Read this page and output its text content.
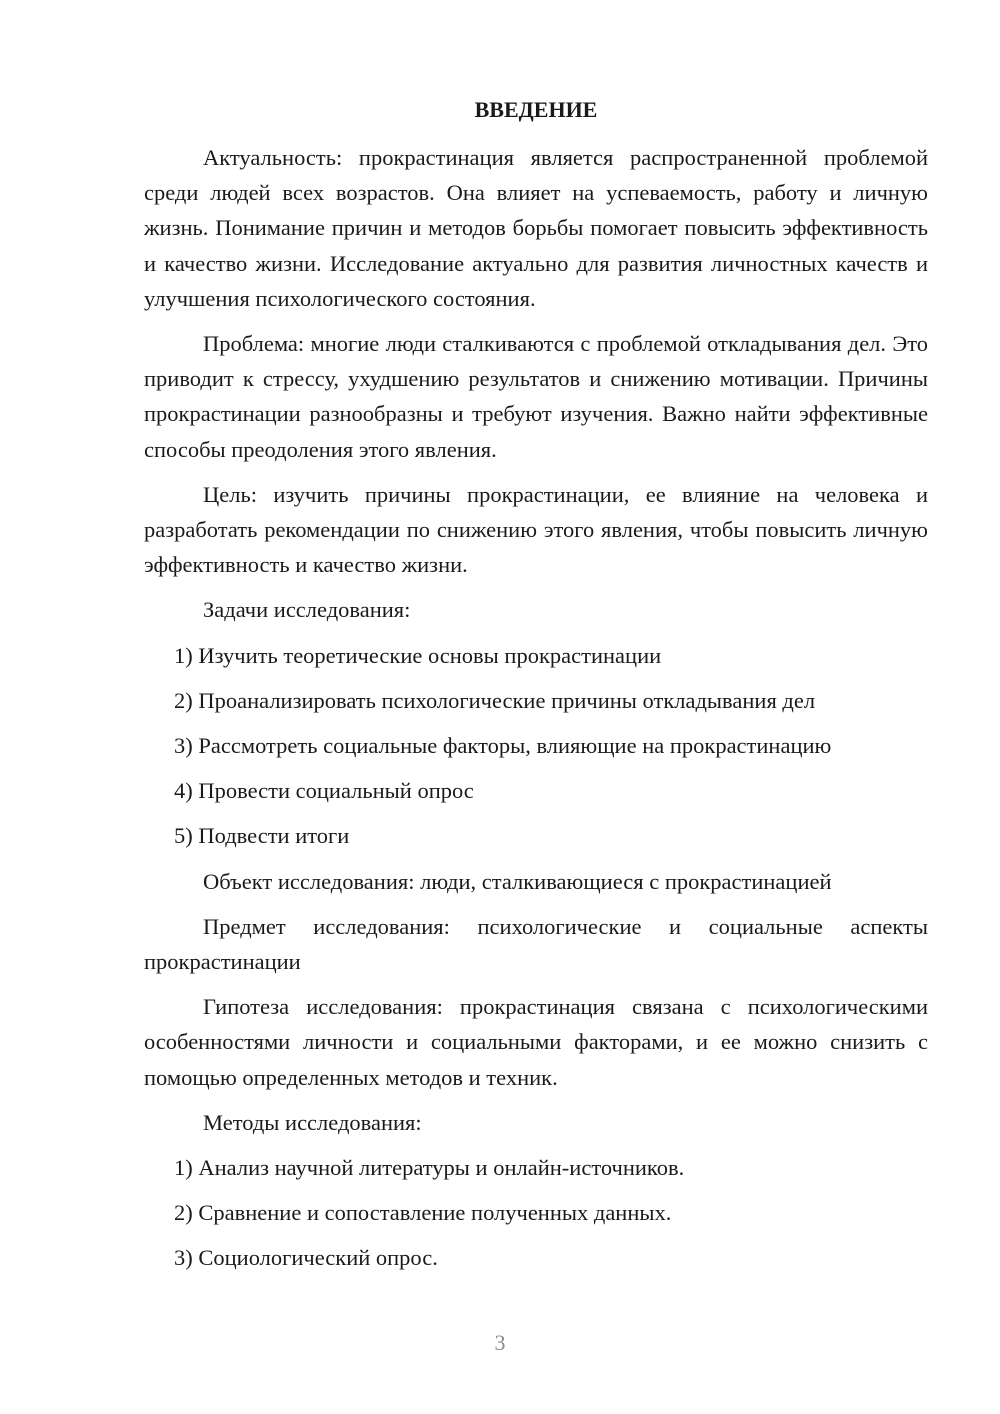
ВВЕДЕНИЕ

Актуальность: прокрастинация является распространенной проблемой среди людей всех возрастов. Она влияет на успеваемость, работу и личную жизнь. Понимание причин и методов борьбы помогает повысить эффективность и качество жизни. Исследование актуально для развития личностных качеств и улучшения психологического состояния.

Проблема: многие люди сталкиваются с проблемой откладывания дел. Это приводит к стрессу, ухудшению результатов и снижению мотивации. Причины прокрастинации разнообразны и требуют изучения. Важно найти эффективные способы преодоления этого явления.

Цель: изучить причины прокрастинации, ее влияние на человека и разработать рекомендации по снижению этого явления, чтобы повысить личную эффективность и качество жизни.

Задачи исследования:

1) Изучить теоретические основы прокрастинации
2) Проанализировать психологические причины откладывания дел
3) Рассмотреть социальные факторы, влияющие на прокрастинацию
4) Провести социальный опрос
5) Подвести итоги

Объект исследования: люди, сталкивающиеся с прокрастинацией

Предмет исследования: психологические и социальные аспекты прокрастинации

Гипотеза исследования: прокрастинация связана с психологическими особенностями личности и социальными факторами, и ее можно снизить с помощью определенных методов и техник.

Методы исследования:

1) Анализ научной литературы и онлайн-источников.
2) Сравнение и сопоставление полученных данных.
3) Социологический опрос.
3
